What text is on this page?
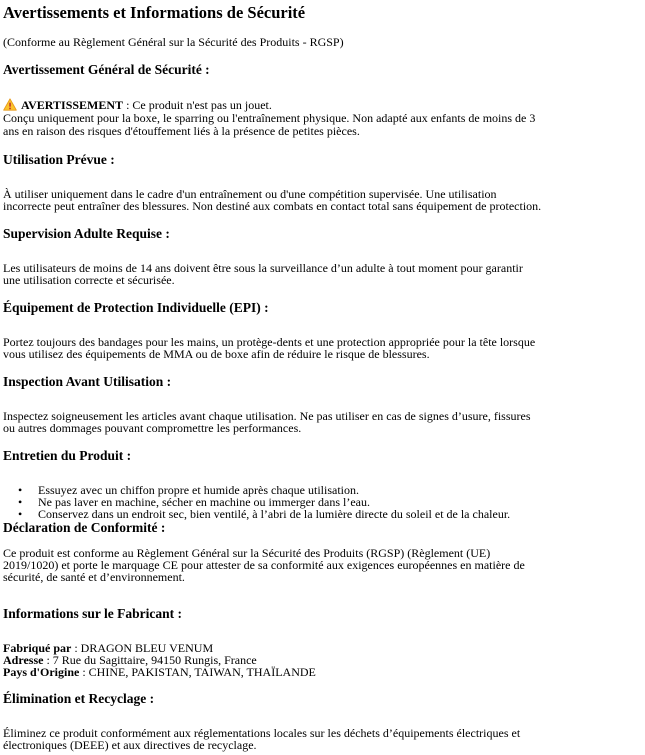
Avertissements et Informations de Sécurité
(Conforme au Règlement Général sur la Sécurité des Produits - RGSP)
Avertissement Général de Sécurité :

AVERTISSEMENT : Ce produit n'est pas un jouet.
Conçu uniquement pour la boxe, le sparring ou l'entraînement physique. Non adapté aux enfants de moins de 3
ans en raison des risques d'étouffement liés à la présence de petites pièces.

Utilisation Prévue :

À utiliser uniquement dans le cadre d'un entraînement ou d'une compétition supervisée. Une utilisation
incorrecte peut entraîner des blessures. Non destiné aux combats en contact total sans équipement de protection.

Supervision Adulte Requise :

Les utilisateurs de moins de 14 ans doivent être sous la surveillance d’un adulte à tout moment pour garantir
une utilisation correcte et sécurisée.

Équipement de Protection Individuelle (EPI) :

Portez toujours des bandages pour les mains, un protège-dents et une protection appropriée pour la tête lorsque
vous utilisez des équipements de MMA ou de boxe afin de réduire le risque de blessures.

Inspection Avant Utilisation :

Inspectez soigneusement les articles avant chaque utilisation. Ne pas utiliser en cas de signes d’usure, fissures
ou autres dommages pouvant compromettre les performances.

Entretien du Produit :
• Essuyez avec un chiffon propre et humide après chaque utilisation.
• Ne pas laver en machine, sécher en machine ou immerger dans l’eau.
• Conservez dans un endroit sec, bien ventilé, à l’abri de la lumière directe du soleil et de la chaleur.
Déclaration de Conformité :

Ce produit est conforme au Règlement Général sur la Sécurité des Produits (RGSP) (Règlement (UE)
2019/1020) et porte le marquage CE pour attester de sa conformité aux exigences européennes en matière de
sécurité, de santé et d’environnement.

Informations sur le Fabricant :

Fabriqué par : DRAGON BLEU VENUM
Adresse : 7 Rue du Sagittaire, 94150 Rungis, France
Pays d'Origine : CHINE, PAKISTAN, TAIWAN, THAÏLANDE

Élimination et Recyclage :

Éliminez ce produit conformément aux réglementations locales sur les déchets d’équipements électriques et
électroniques (DEEE) et aux directives de recyclage.
